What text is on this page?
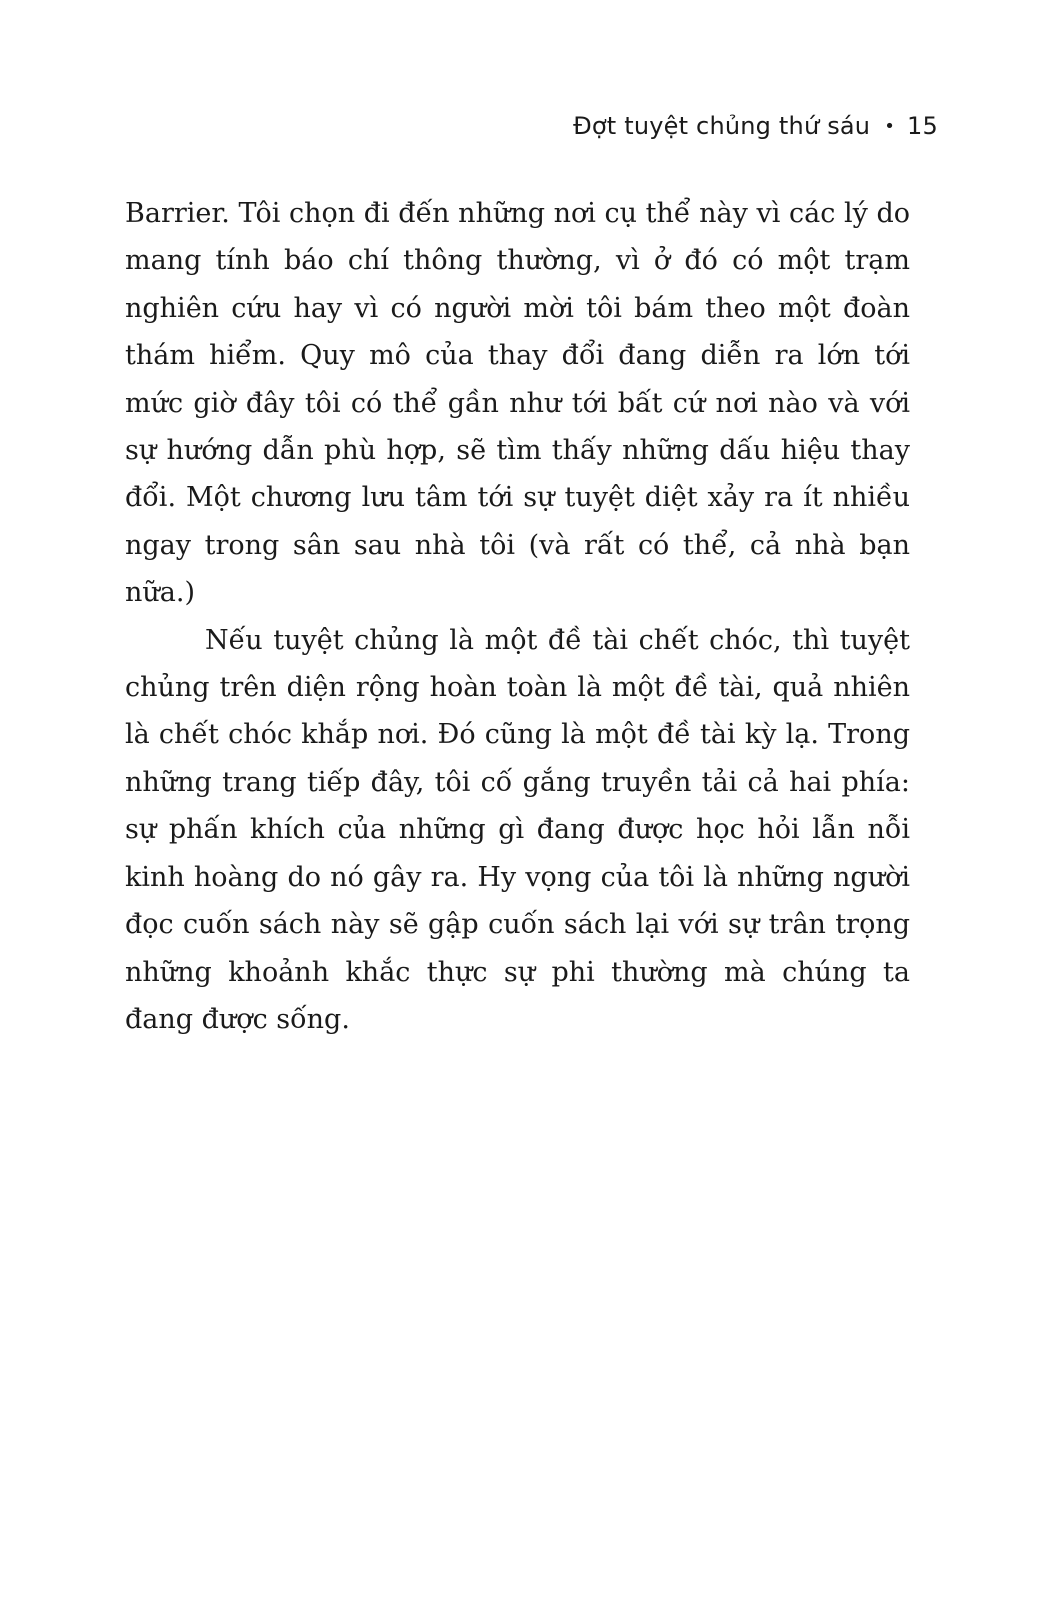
Đợt tuyệt chủng thứ sáu • 15

Barrier. Tôi chọn đi đến những nơi cụ thể này vì các lý do mang tính báo chí thông thường, vì ở đó có một trạm nghiên cứu hay vì có người mời tôi bám theo một đoàn thám hiểm. Quy mô của thay đổi đang diễn ra lớn tới mức giờ đây tôi có thể gần như tới bất cứ nơi nào và với sự hướng dẫn phù hợp, sẽ tìm thấy những dấu hiệu thay đổi. Một chương lưu tâm tới sự tuyệt diệt xảy ra ít nhiều ngay trong sân sau nhà tôi (và rất có thể, cả nhà bạn nữa.)

Nếu tuyệt chủng là một đề tài chết chóc, thì tuyệt chủng trên diện rộng hoàn toàn là một đề tài, quả nhiên là chết chóc khắp nơi. Đó cũng là một đề tài kỳ lạ. Trong những trang tiếp đây, tôi cố gắng truyền tải cả hai phía: sự phấn khích của những gì đang được học hỏi lẫn nỗi kinh hoàng do nó gây ra. Hy vọng của tôi là những người đọc cuốn sách này sẽ gập cuốn sách lại với sự trân trọng những khoảnh khắc thực sự phi thường mà chúng ta đang được sống.
